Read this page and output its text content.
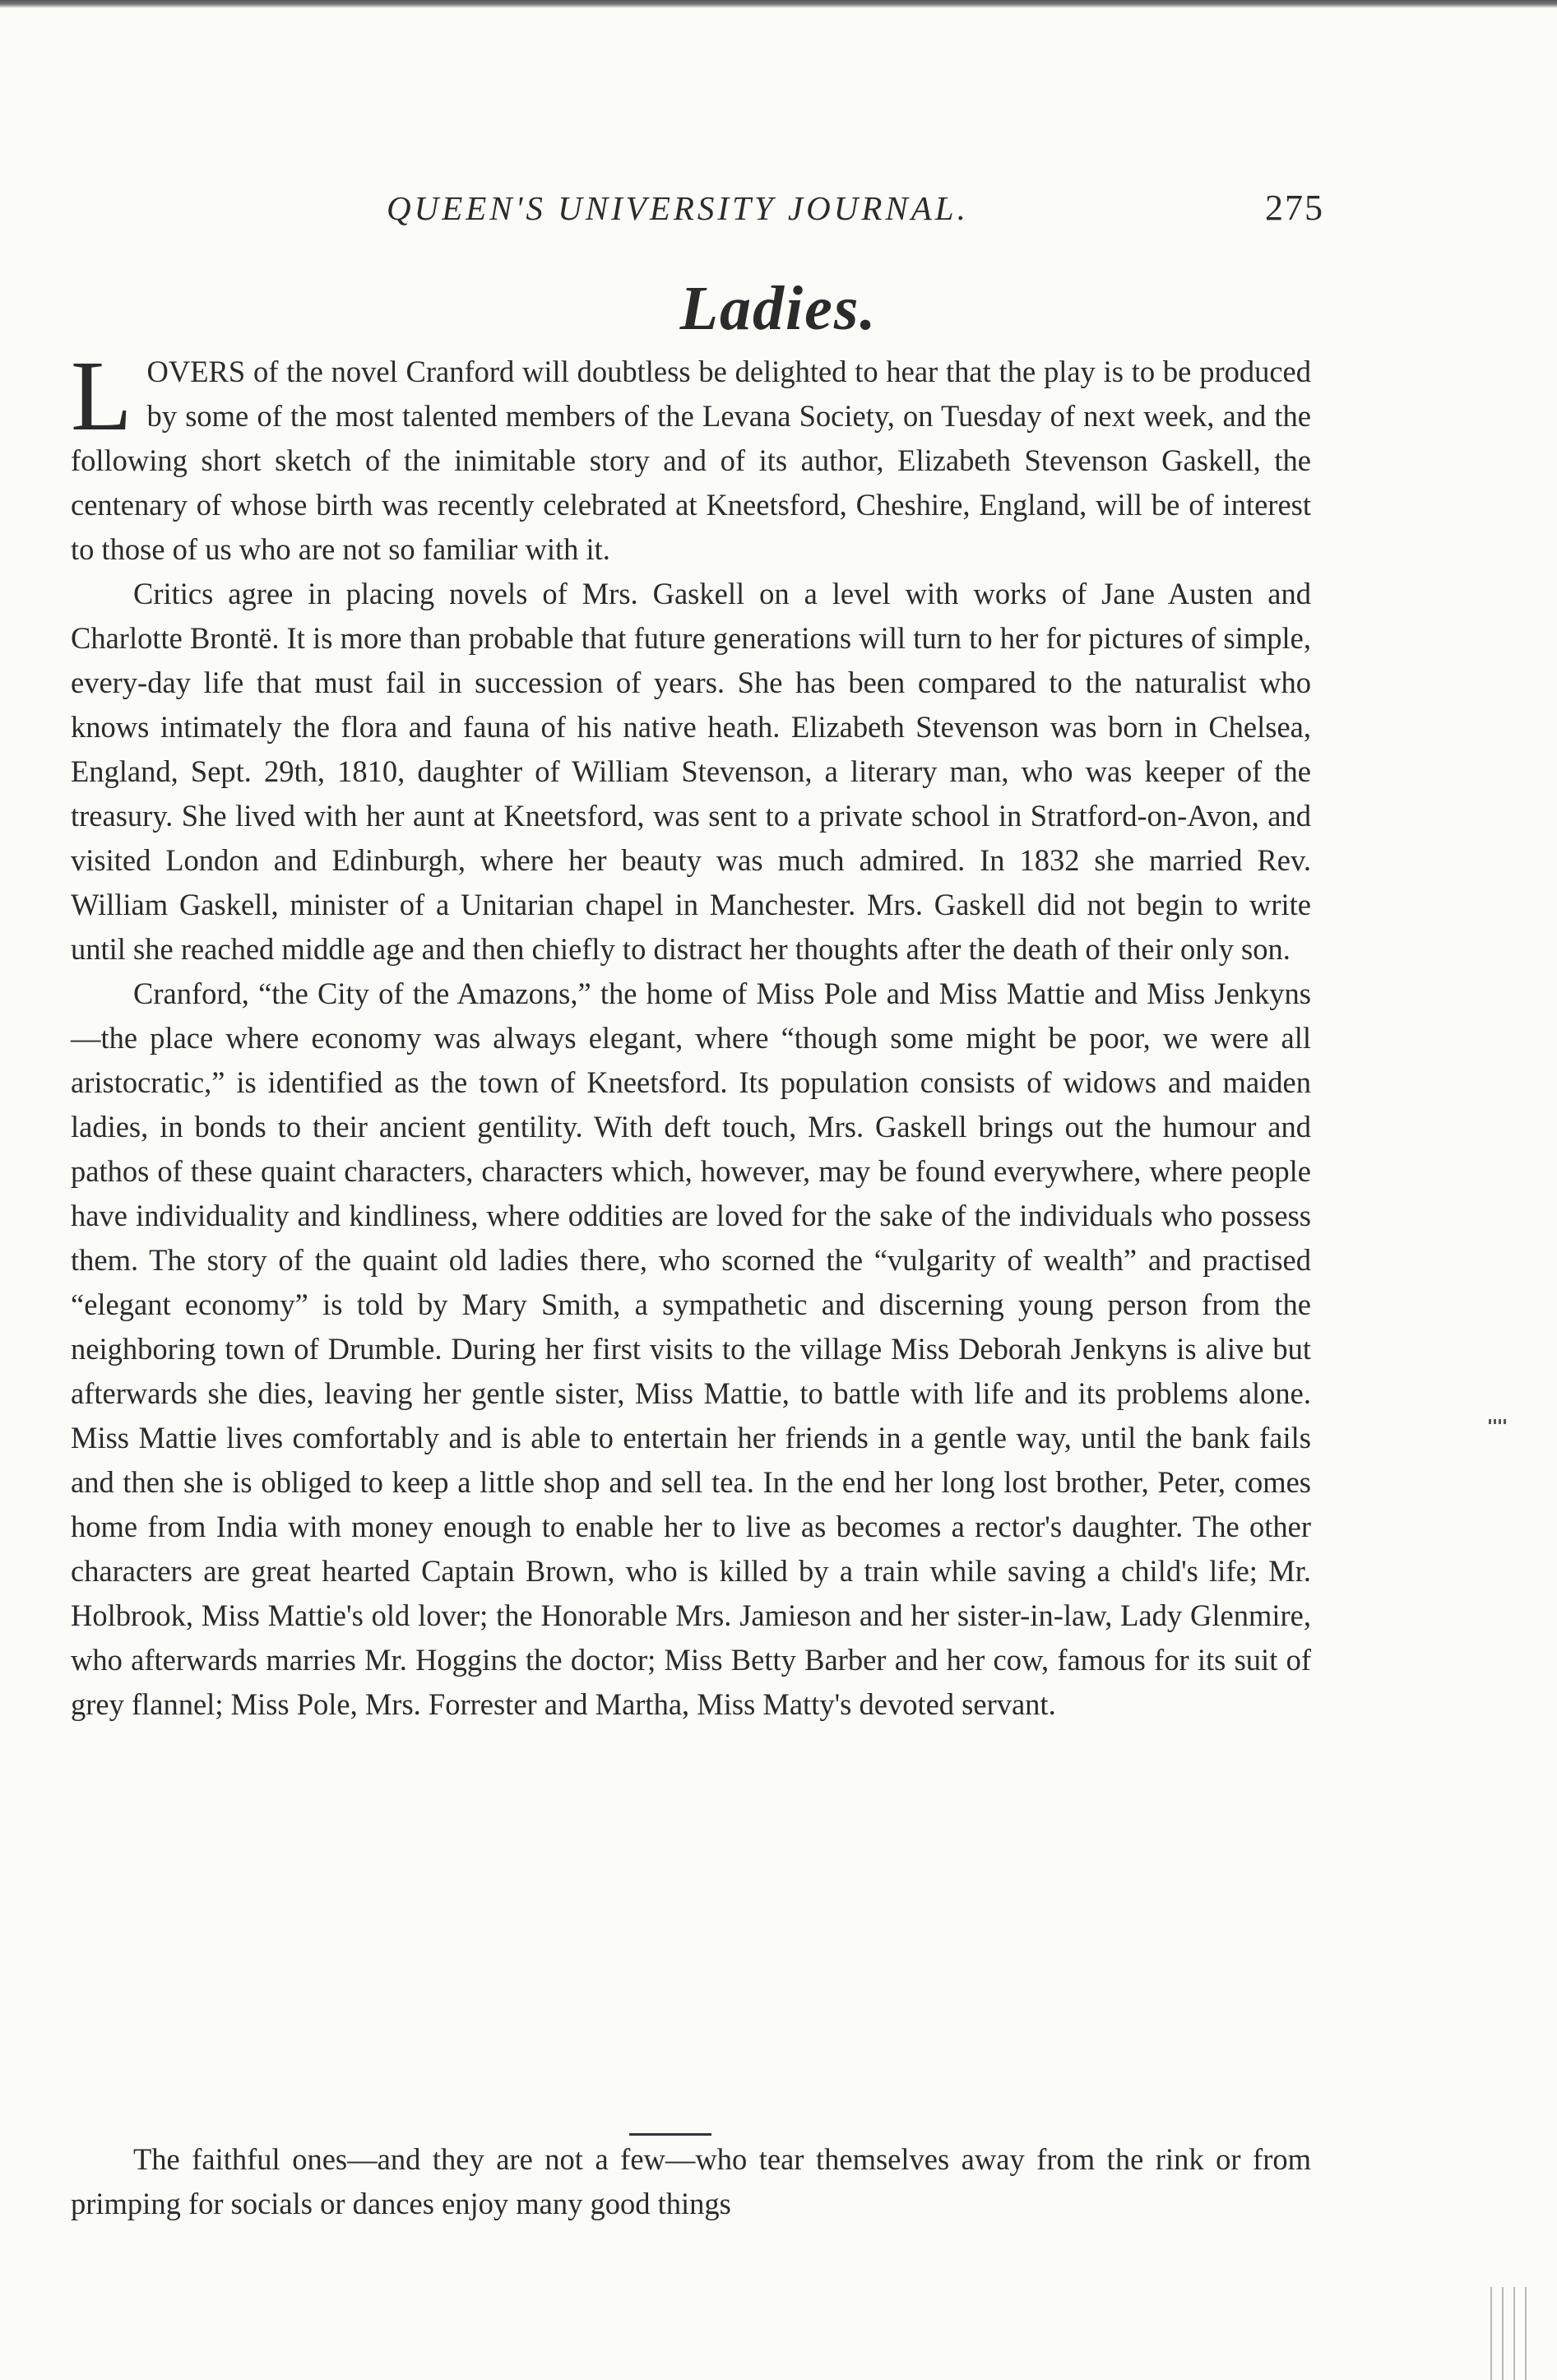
QUEEN'S UNIVERSITY JOURNAL.	275
Ladies.

LOVERS of the novel Cranford will doubtless be delighted to hear that the play is to be produced by some of the most talented members of the Levana Society, on Tuesday of next week, and the following short sketch of the inimitable story and of its author, Elizabeth Stevenson Gaskell, the centenary of whose birth was recently celebrated at Kneetsford, Cheshire, England, will be of interest to those of us who are not so familiar with it.

Critics agree in placing novels of Mrs. Gaskell on a level with works of Jane Austen and Charlotte Brontë. It is more than probable that future generations will turn to her for pictures of simple, every-day life that must fail in succession of years. She has been compared to the naturalist who knows intimately the flora and fauna of his native heath. Elizabeth Stevenson was born in Chelsea, England, Sept. 29th, 1810, daughter of William Stevenson, a literary man, who was keeper of the treasury. She lived with her aunt at Kneetsford, was sent to a private school in Stratford-on-Avon, and visited London and Edinburgh, where her beauty was much admired. In 1832 she married Rev. William Gaskell, minister of a Unitarian chapel in Manchester. Mrs. Gaskell did not begin to write until she reached middle age and then chiefly to distract her thoughts after the death of their only son.

Cranford, “the City of the Amazons,” the home of Miss Pole and Miss Mattie and Miss Jenkyns—the place where economy was always elegant, where “though some might be poor, we were all aristocratic,” is identified as the town of Kneetsford. Its population consists of widows and maiden ladies, in bonds to their ancient gentility. With deft touch, Mrs. Gaskell brings out the humour and pathos of these quaint characters, characters which, however, may be found everywhere, where people have individuality and kindliness, where oddities are loved for the sake of the individuals who possess them. The story of the quaint old ladies there, who scorned the “vulgarity of wealth” and practised “elegant economy” is told by Mary Smith, a sympathetic and discerning young person from the neighboring town of Drumble. During her first visits to the village Miss Deborah Jenkyns is alive but afterwards she dies, leaving her gentle sister, Miss Mattie, to battle with life and its problems alone. Miss Mattie lives comfortably and is able to entertain her friends in a gentle way, until the bank fails and then she is obliged to keep a little shop and sell tea. In the end her long lost brother, Peter, comes home from India with money enough to enable her to live as becomes a rector's daughter. The other characters are great hearted Captain Brown, who is killed by a train while saving a child's life; Mr. Holbrook, Miss Mattie's old lover; the Honorable Mrs. Jamieson and her sister-in-law, Lady Glenmire, who afterwards marries Mr. Hoggins the doctor; Miss Betty Barber and her cow, famous for its suit of grey flannel; Miss Pole, Mrs. Forrester and Martha, Miss Matty's devoted servant.

The faithful ones—and they are not a few—who tear themselves away from the rink or from primping for socials or dances enjoy many good things
